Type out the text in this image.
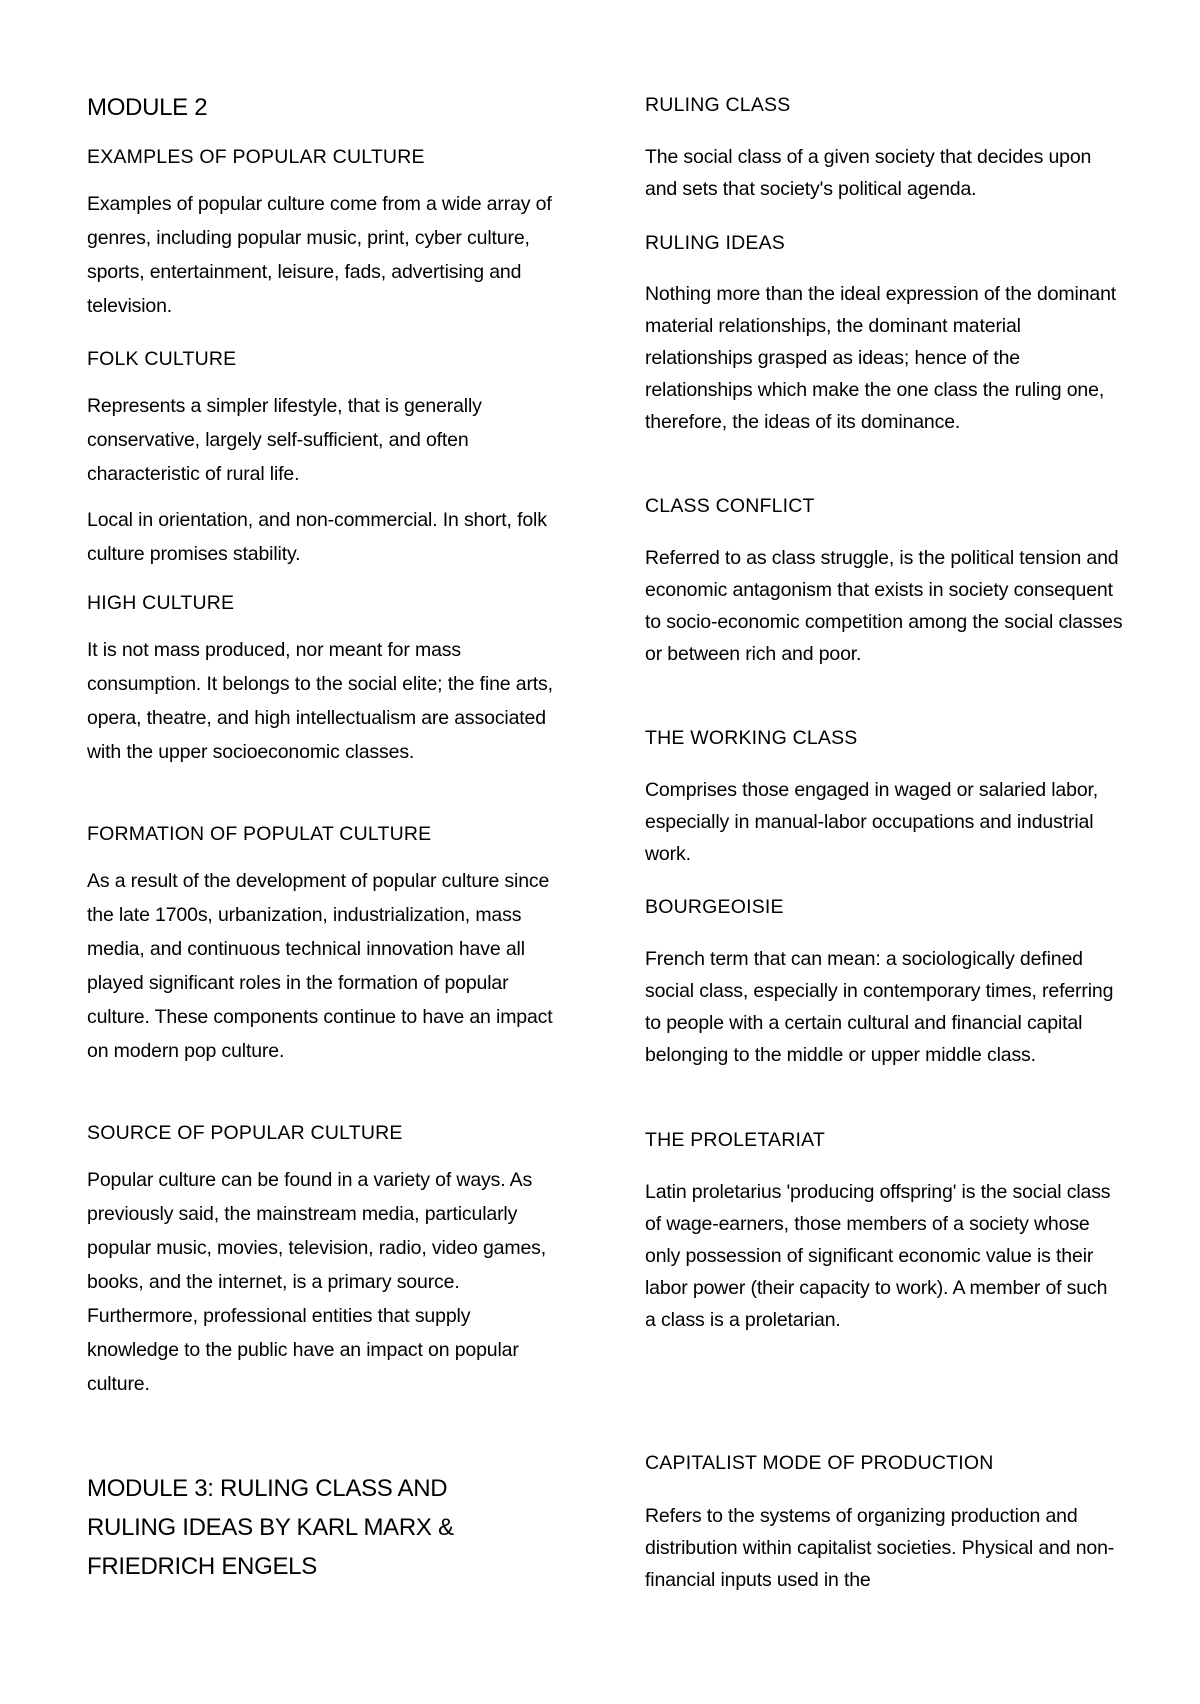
MODULE 2
EXAMPLES OF POPULAR CULTURE

Examples of popular culture come from a wide array of genres, including popular music, print, cyber culture, sports, entertainment, leisure, fads, advertising and television.

FOLK CULTURE

Represents a simpler lifestyle, that is generally conservative, largely self-sufficient, and often characteristic of rural life.

Local in orientation, and non-commercial. In short, folk culture promises stability.

HIGH CULTURE

It is not mass produced, nor meant for mass consumption. It belongs to the social elite; the fine arts, opera, theatre, and high intellectualism are associated with the upper socioeconomic classes.

FORMATION OF POPULAT CULTURE

As a result of the development of popular culture since the late 1700s, urbanization, industrialization, mass media, and continuous technical innovation have all played significant roles in the formation of popular culture. These components continue to have an impact on modern pop culture.

SOURCE OF POPULAR CULTURE

Popular culture can be found in a variety of ways. As previously said, the mainstream media, particularly popular music, movies, television, radio, video games, books, and the internet, is a primary source. Furthermore, professional entities that supply knowledge to the public have an impact on popular culture.

MODULE 3: RULING CLASS AND RULING IDEAS BY KARL MARX & FRIEDRICH ENGELS
RULING CLASS

The social class of a given society that decides upon and sets that society's political agenda.

RULING IDEAS

Nothing more than the ideal expression of the dominant material relationships, the dominant material relationships grasped as ideas; hence of the relationships which make the one class the ruling one, therefore, the ideas of its dominance.

CLASS CONFLICT

Referred to as class struggle, is the political tension and economic antagonism that exists in society consequent to socio-economic competition among the social classes or between rich and poor.

THE WORKING CLASS

Comprises those engaged in waged or salaried labor, especially in manual-labor occupations and industrial work.

BOURGEOISIE

French term that can mean: a sociologically defined social class, especially in contemporary times, referring to people with a certain cultural and financial capital belonging to the middle or upper middle class.

THE PROLETARIAT

Latin proletarius 'producing offspring' is the social class of wage-earners, those members of a society whose only possession of significant economic value is their labor power (their capacity to work). A member of such a class is a proletarian.

CAPITALIST MODE OF PRODUCTION

Refers to the systems of organizing production and distribution within capitalist societies. Physical and non-financial inputs used in the
